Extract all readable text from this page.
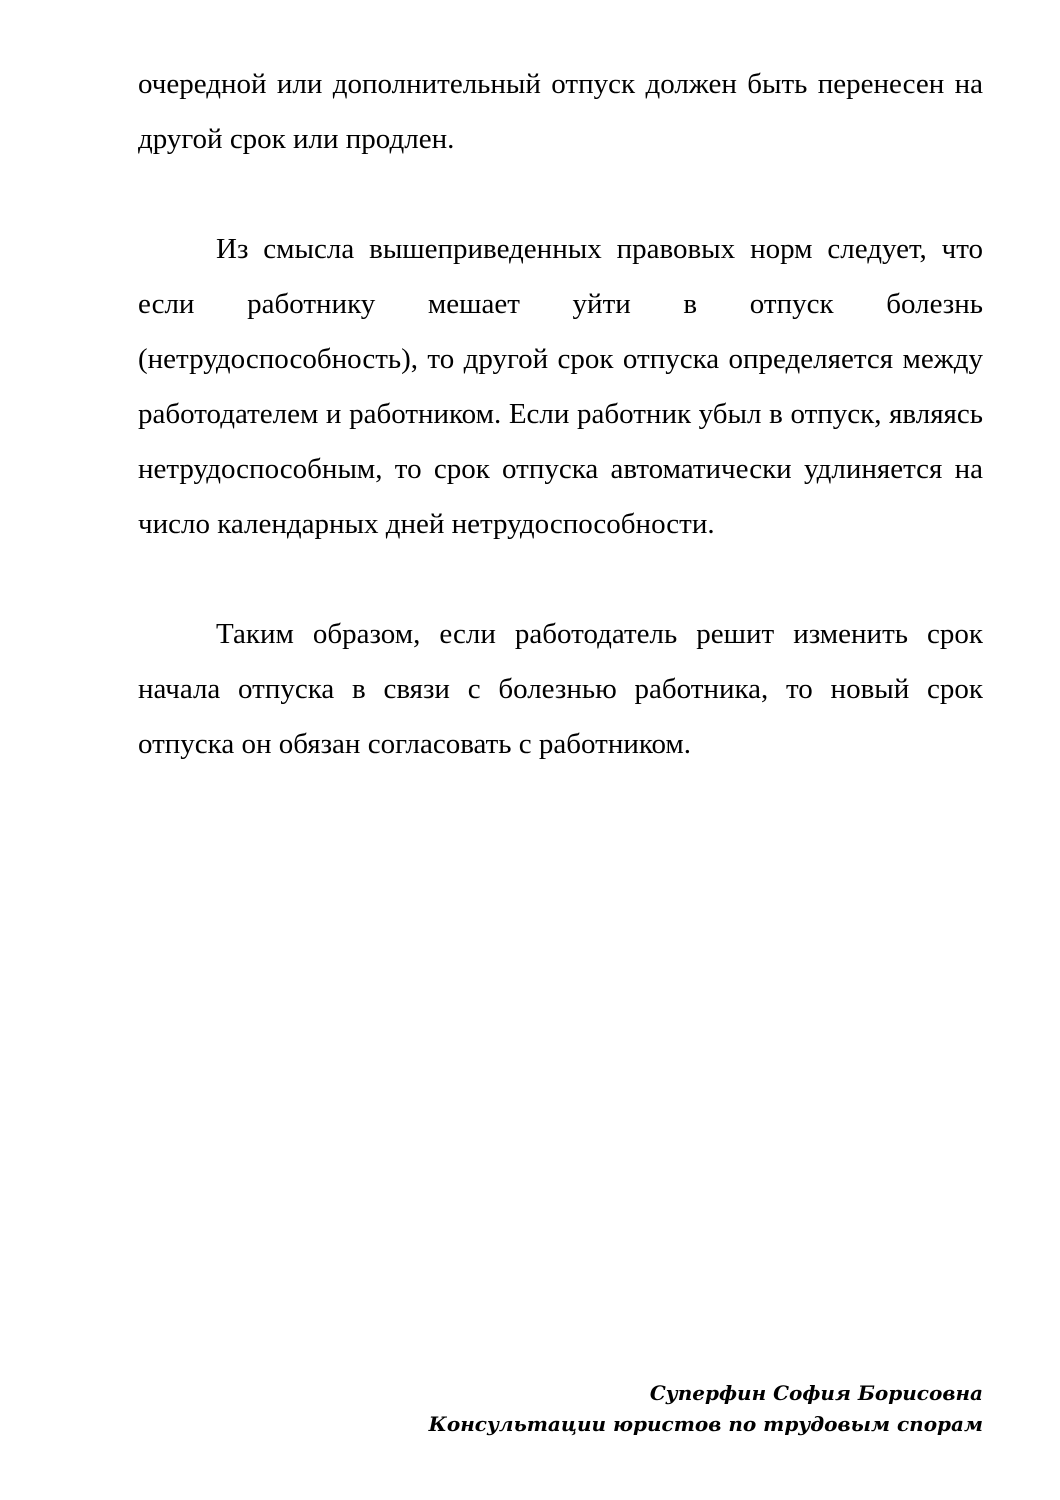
очередной или дополнительный отпуск должен быть перенесен на другой срок или продлен.

Из смысла вышеприведенных правовых норм следует, что если работнику мешает уйти в отпуск болезнь (нетрудоспособность), то другой срок отпуска определяется между работодателем и работником. Если работник убыл в отпуск, являясь нетрудоспособным, то срок отпуска автоматически удлиняется на число календарных дней нетрудоспособности.

Таким образом, если работодатель решит изменить срок начала отпуска в связи с болезнью работника, то новый срок отпуска он обязан согласовать с работником.

Суперфин София Борисовна
Консультации юристов по трудовым спорам
